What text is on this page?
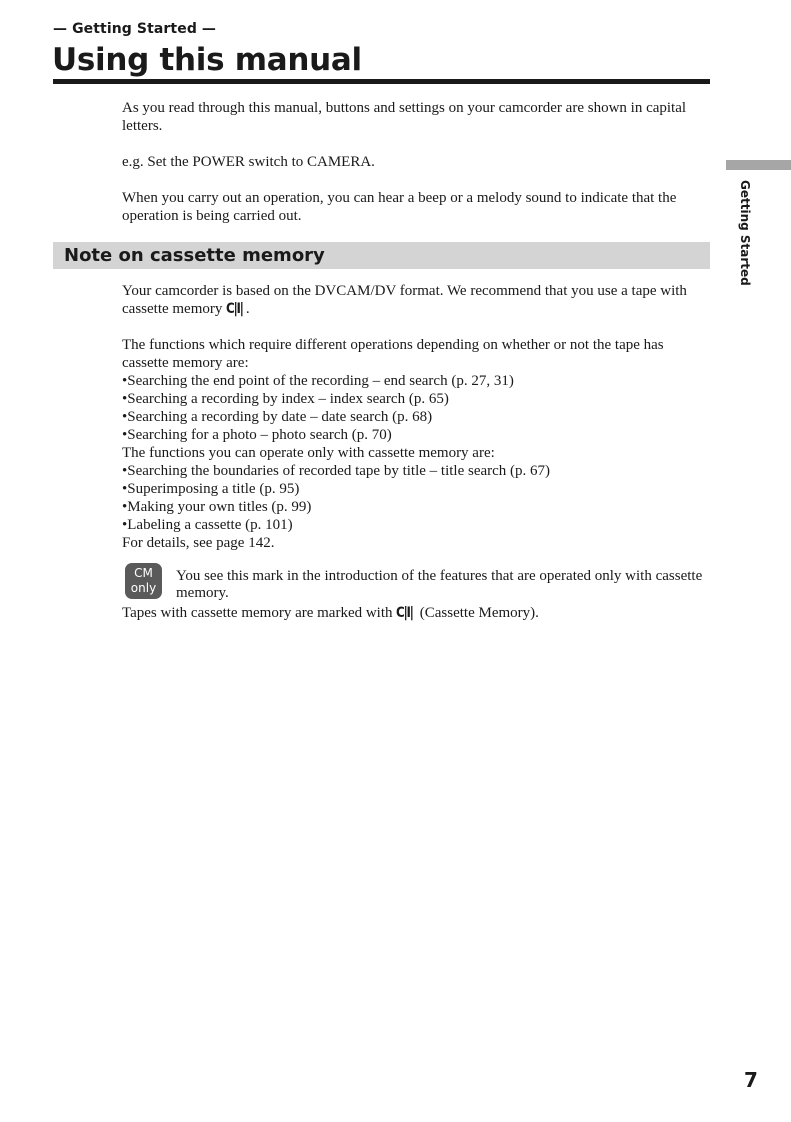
— Getting Started —
Using this manual
Getting Started

As you read through this manual, buttons and settings on your camcorder are shown in capital letters.

e.g. Set the POWER switch to CAMERA.

When you carry out an operation, you can hear a beep or a melody sound to indicate that the operation is being carried out.

Note on cassette memory

Your camcorder is based on the DVCAM/DV format. We recommend that you use a tape with cassette memory C|I| .

The functions which require different operations depending on whether or not the tape has cassette memory are:

•Searching the end point of the recording – end search (p. 27, 31)

•Searching a recording by index – index search (p. 65)

•Searching a recording by date – date search (p. 68)

•Searching for a photo – photo search (p. 70)

The functions you can operate only with cassette memory are:

•Searching the boundaries of recorded tape by title – title search (p. 67)

•Superimposing a title (p. 95)

•Making your own titles (p. 99)

•Labeling a cassette (p. 101)

For details, see page 142.

CM
only
You see this mark in the introduction of the features that are operated only with cassette memory.

Tapes with cassette memory are marked with C|I| (Cassette Memory).

7
